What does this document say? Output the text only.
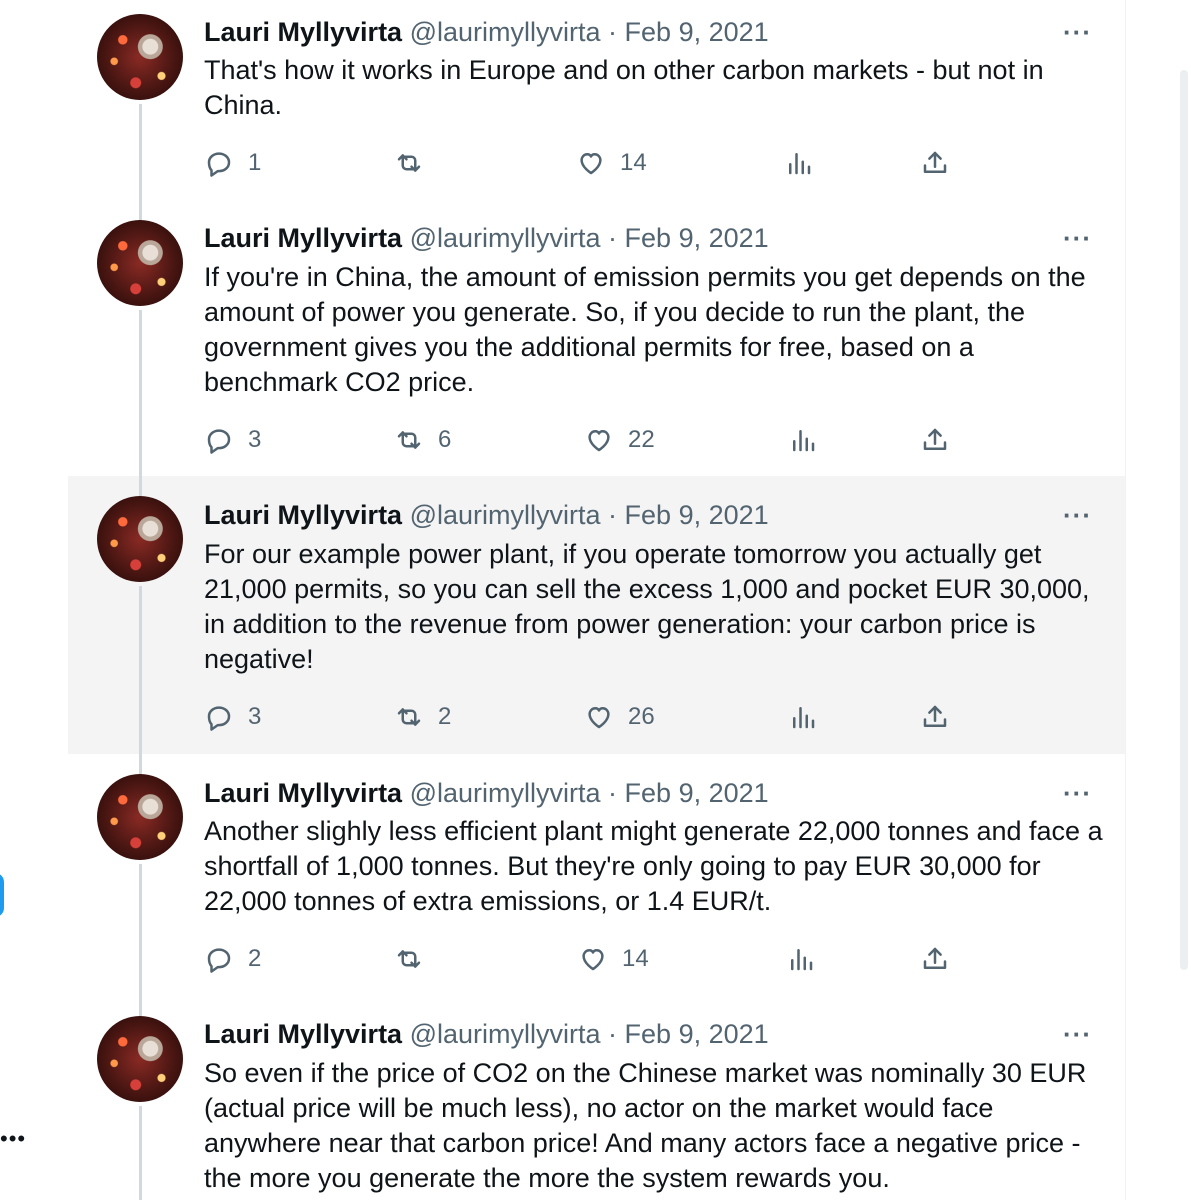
•••
Lauri Myllyvirta @laurimyllyvirta · Feb 9, 2021	···
That's how it works in Europe and on other carbon markets - but not in China.
1	14
Lauri Myllyvirta @laurimyllyvirta · Feb 9, 2021	···
If you're in China, the amount of emission permits you get depends on the amount of power you generate. So, if you decide to run the plant, the government gives you the additional permits for free, based on a benchmark CO2 price.
3	6	22
Lauri Myllyvirta @laurimyllyvirta · Feb 9, 2021	···
For our example power plant, if you operate tomorrow you actually get 21,000 permits, so you can sell the excess 1,000 and pocket EUR 30,000, in addition to the revenue from power generation: your carbon price is negative!
3	2	26
Lauri Myllyvirta @laurimyllyvirta · Feb 9, 2021	···
Another slighly less efficient plant might generate 22,000 tonnes and face a shortfall of 1,000 tonnes. But they're only going to pay EUR 30,000 for 22,000 tonnes of extra emissions, or 1.4 EUR/t.
2	14
Lauri Myllyvirta @laurimyllyvirta · Feb 9, 2021	···
So even if the price of CO2 on the Chinese market was nominally 30 EUR (actual price will be much less), no actor on the market would face anywhere near that carbon price! And many actors face a negative price - the more you generate the more the system rewards you.
